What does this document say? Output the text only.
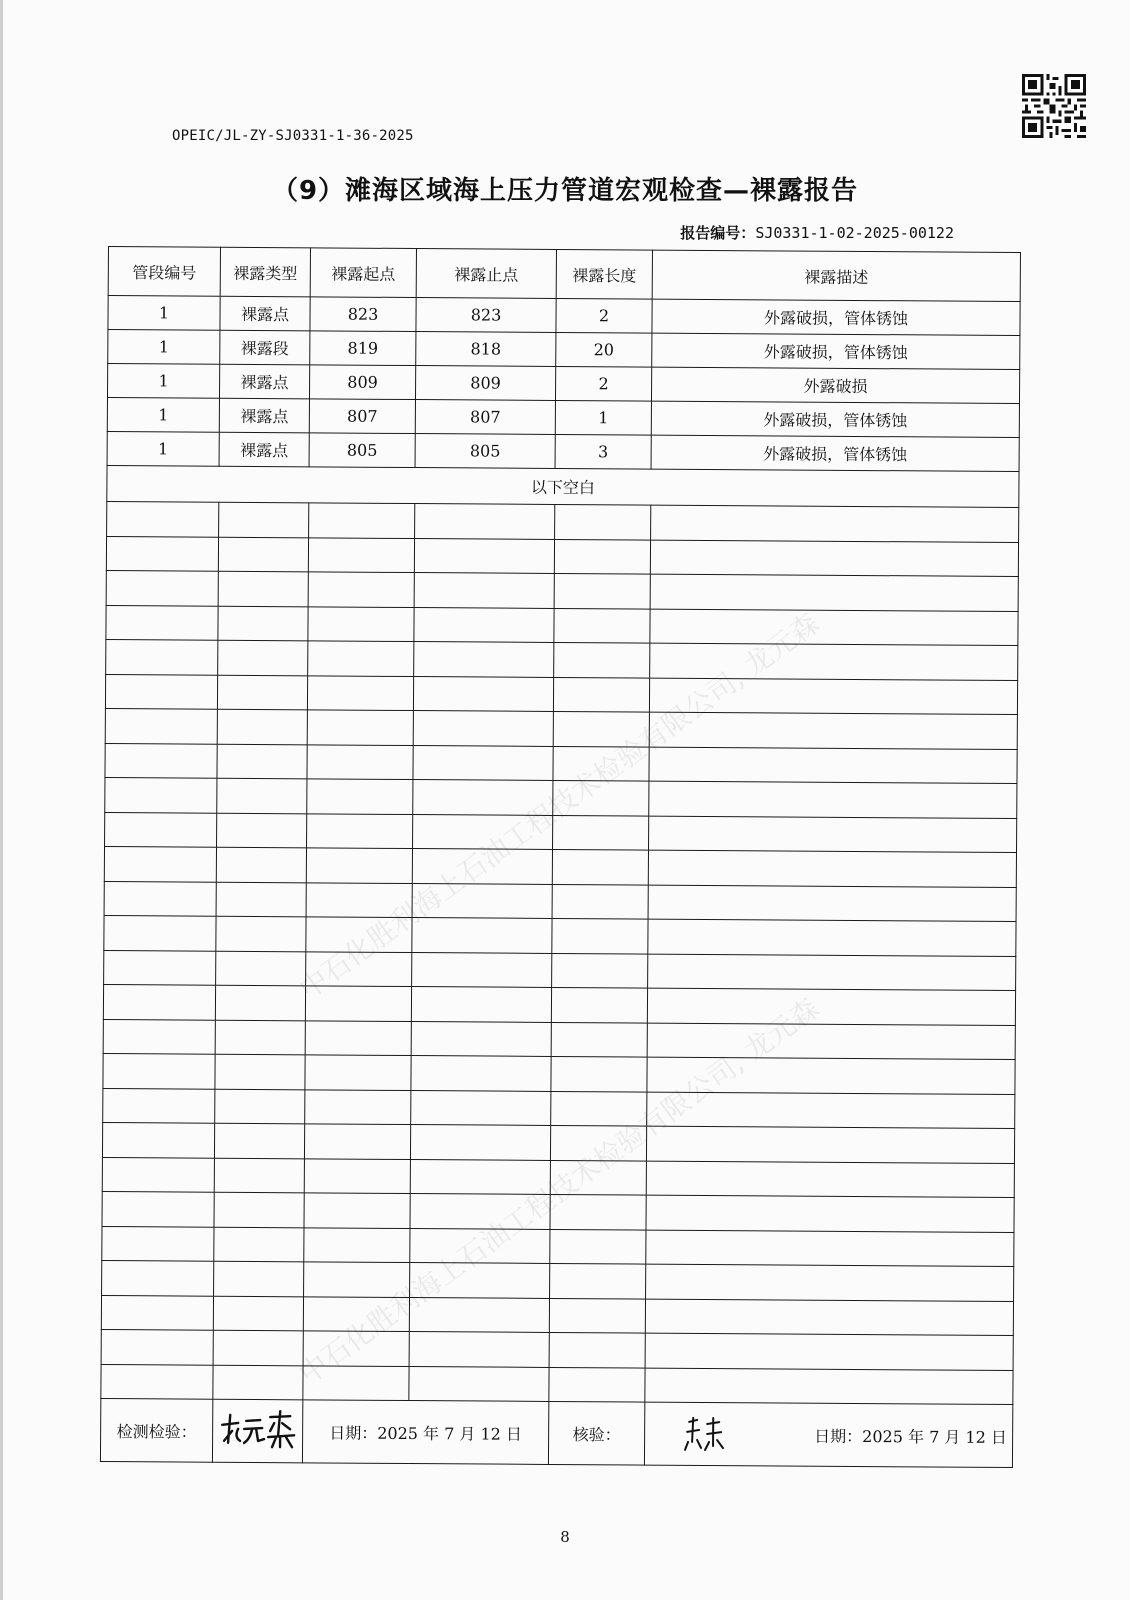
OPEIC/JL-ZY-SJ0331-1-36-2025
（9）滩海区域海上压力管道宏观检查—裸露报告
报告编号：SJ0331-1-02-2025-00122
管段编号	裸露类型	裸露起点	裸露止点	裸露长度	裸露描述
1	裸露点	823	823	2	外露破损，管体锈蚀
1	裸露段	819	818	20	外露破损，管体锈蚀
1	裸露点	809	809	2	外露破损
1	裸露点	807	807	1	外露破损，管体锈蚀
1	裸露点	805	805	3	外露破损，管体锈蚀
以下空白					

检测检验：		日期：2025 年 7 月 12 日		核验：	日期：2025 年 7 月 12 日
中石化胜利海上石油工程技术检验有限公司, 龙元森
中石化胜利海上石油工程技术检验有限公司, 龙元森
8
